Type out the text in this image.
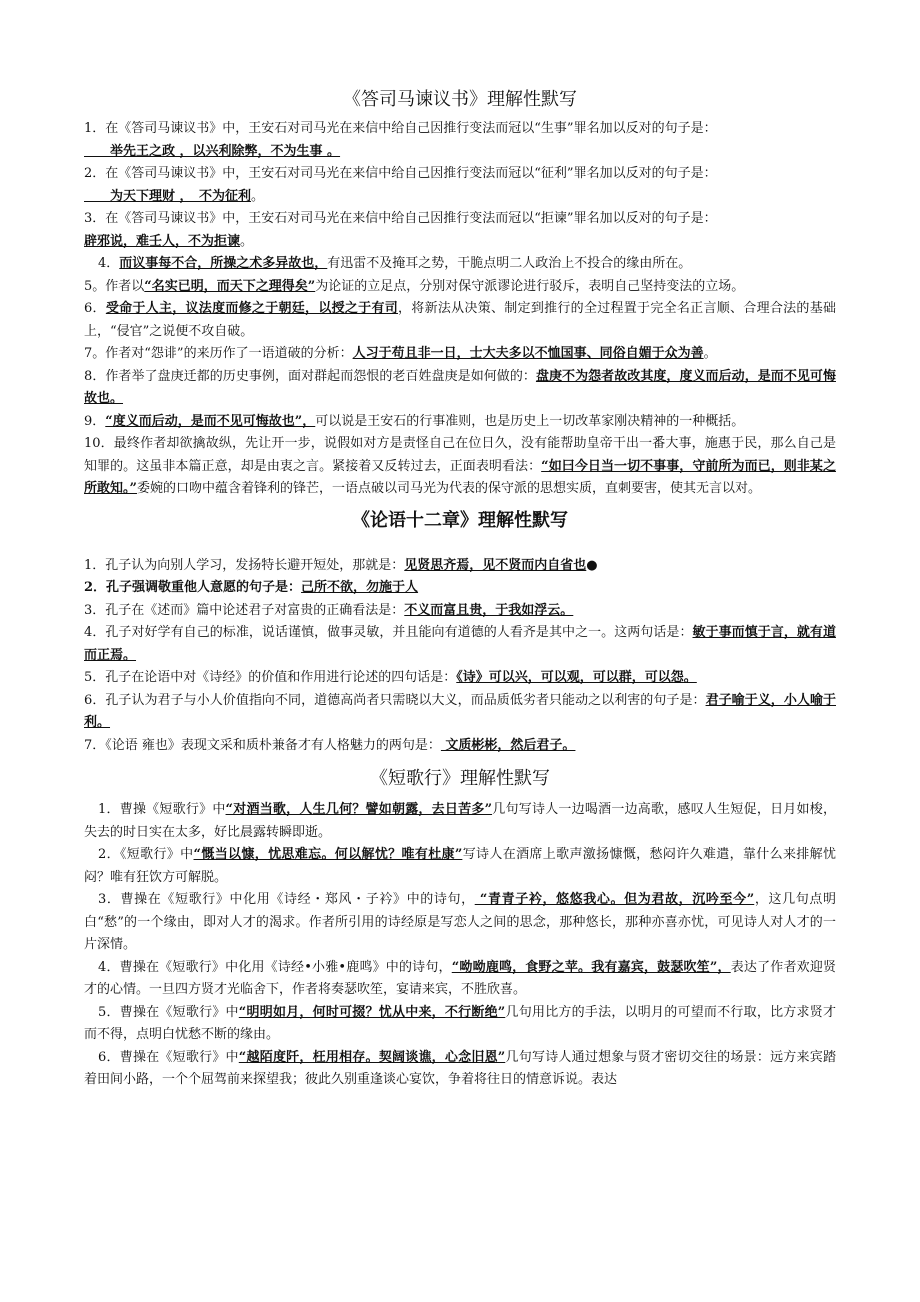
《答司马谏议书》理解性默写

1．在《答司马谏议书》中，王安石对司马光在来信中给自己因推行变法而冠以“生事”罪名加以反对的句子是：
　　举先王之政 ，以兴利除弊，不为生事 。

2．在《答司马谏议书》中，王安石对司马光在来信中给自己因推行变法而冠以“征利”罪名加以反对的句子是：
　　为天下理财 ，　不为征利。

3．在《答司马谏议书》中，王安石对司马光在来信中给自己因推行变法而冠以“拒谏”罪名加以反对的句子是：
辟邪说，难壬人，不为拒谏。

4．而议事每不合，所操之术多异故也，有迅雷不及掩耳之势，干脆点明二人政治上不投合的缘由所在。

5。作者以“名实已明，而天下之理得矣”为论证的立足点，分别对保守派谬论进行驳斥，表明自己坚持变法的立场。

6．受命于人主，议法度而修之于朝廷，以授之于有司，将新法从决策、制定到推行的全过程置于完全名正言顺、合理合法的基础上，“侵官”之说便不攻自破。

7。作者对“怨诽”的来历作了一语道破的分析：人习于苟且非一日，士大夫多以不恤国事、同俗自媚于众为善。

8．作者举了盘庚迁都的历史事例，面对群起而怨恨的老百姓盘庚是如何做的：盘庚不为怨者故改其度，度义而后动，是而不见可悔故也。

9．“度义而后动，是而不见可悔故也”，可以说是王安石的行事准则，也是历史上一切改革家刚决精神的一种概括。

10．最终作者却欲擒故纵，先让开一步，说假如对方是责怪自己在位日久，没有能帮助皇帝干出一番大事，施惠于民，那么自己是知罪的。这虽非本篇正意，却是由衷之言。紧接着又反转过去，正面表明看法：“如曰今日当一切不事事，守前所为而已，则非某之所敢知。”委婉的口吻中蕴含着锋利的锋芒，一语点破以司马光为代表的保守派的思想实质，直刺要害，使其无言以对。

《论语十二章》理解性默写

1．孔子认为向别人学习，发扬特长避开短处，那就是：见贤思齐焉，见不贤而内自省也●

2．孔子强调敬重他人意愿的句子是：己所不欲，勿施于人

3．孔子在《述而》篇中论述君子对富贵的正确看法是：不义而富且贵，于我如浮云。

4．孔子对好学有自己的标准，说话谨慎，做事灵敏，并且能向有道德的人看齐是其中之一。这两句话是：敏于事而慎于言，就有道而正焉。

5．孔子在论语中对《诗经》的价值和作用进行论述的四句话是：《诗》可以兴，可以观，可以群，可以怨。

6．孔子认为君子与小人价值指向不同，道德高尚者只需晓以大义，而品质低劣者只能动之以利害的句子是：君子喻于义，小人喻于利。

7．《论语 雍也》表现文采和质朴兼备才有人格魅力的两句是： 文质彬彬，然后君子。

《短歌行》理解性默写

1．曹操《短歌行》中“对酒当歌，人生几何？譬如朝露，去日苦多”几句写诗人一边喝酒一边高歌，感叹人生短促，日月如梭，失去的时日实在太多，好比晨露转瞬即逝。

2．《短歌行》中“慨当以慷，忧思难忘。何以解忧？唯有杜康”写诗人在酒席上歌声激扬慷慨，愁闷许久难遣，靠什么来排解忧闷？唯有狂饮方可解脱。

3．曹操在《短歌行》中化用《诗经・郑风・子衿》中的诗句， “青青子衿，悠悠我心。但为君故，沉吟至今”，这几句点明白“愁”的一个缘由，即对人才的渴求。作者所引用的诗经原是写恋人之间的思念，那种悠长，那种亦喜亦忧，可见诗人对人才的一片深情。

4．曹操在《短歌行》中化用《诗经•小雅•鹿鸣》中的诗句，“呦呦鹿鸣，食野之苹。我有嘉宾，鼓瑟吹笙”，表达了作者欢迎贤才的心情。一旦四方贤才光临舍下，作者将奏瑟吹笙，宴请来宾，不胜欣喜。

5．曹操在《短歌行》中“明明如月，何时可掇？忧从中来，不行断绝”几句用比方的手法，以明月的可望而不行取，比方求贤才而不得，点明白忧愁不断的缘由。

6．曹操在《短歌行》中“越陌度阡，枉用相存。契阔谈谯，心念旧恩”几句写诗人通过想象与贤才密切交往的场景：远方来宾踏着田间小路，一个个屈驾前来探望我；彼此久别重逢谈心宴饮，争着将往日的情意诉说。表达
